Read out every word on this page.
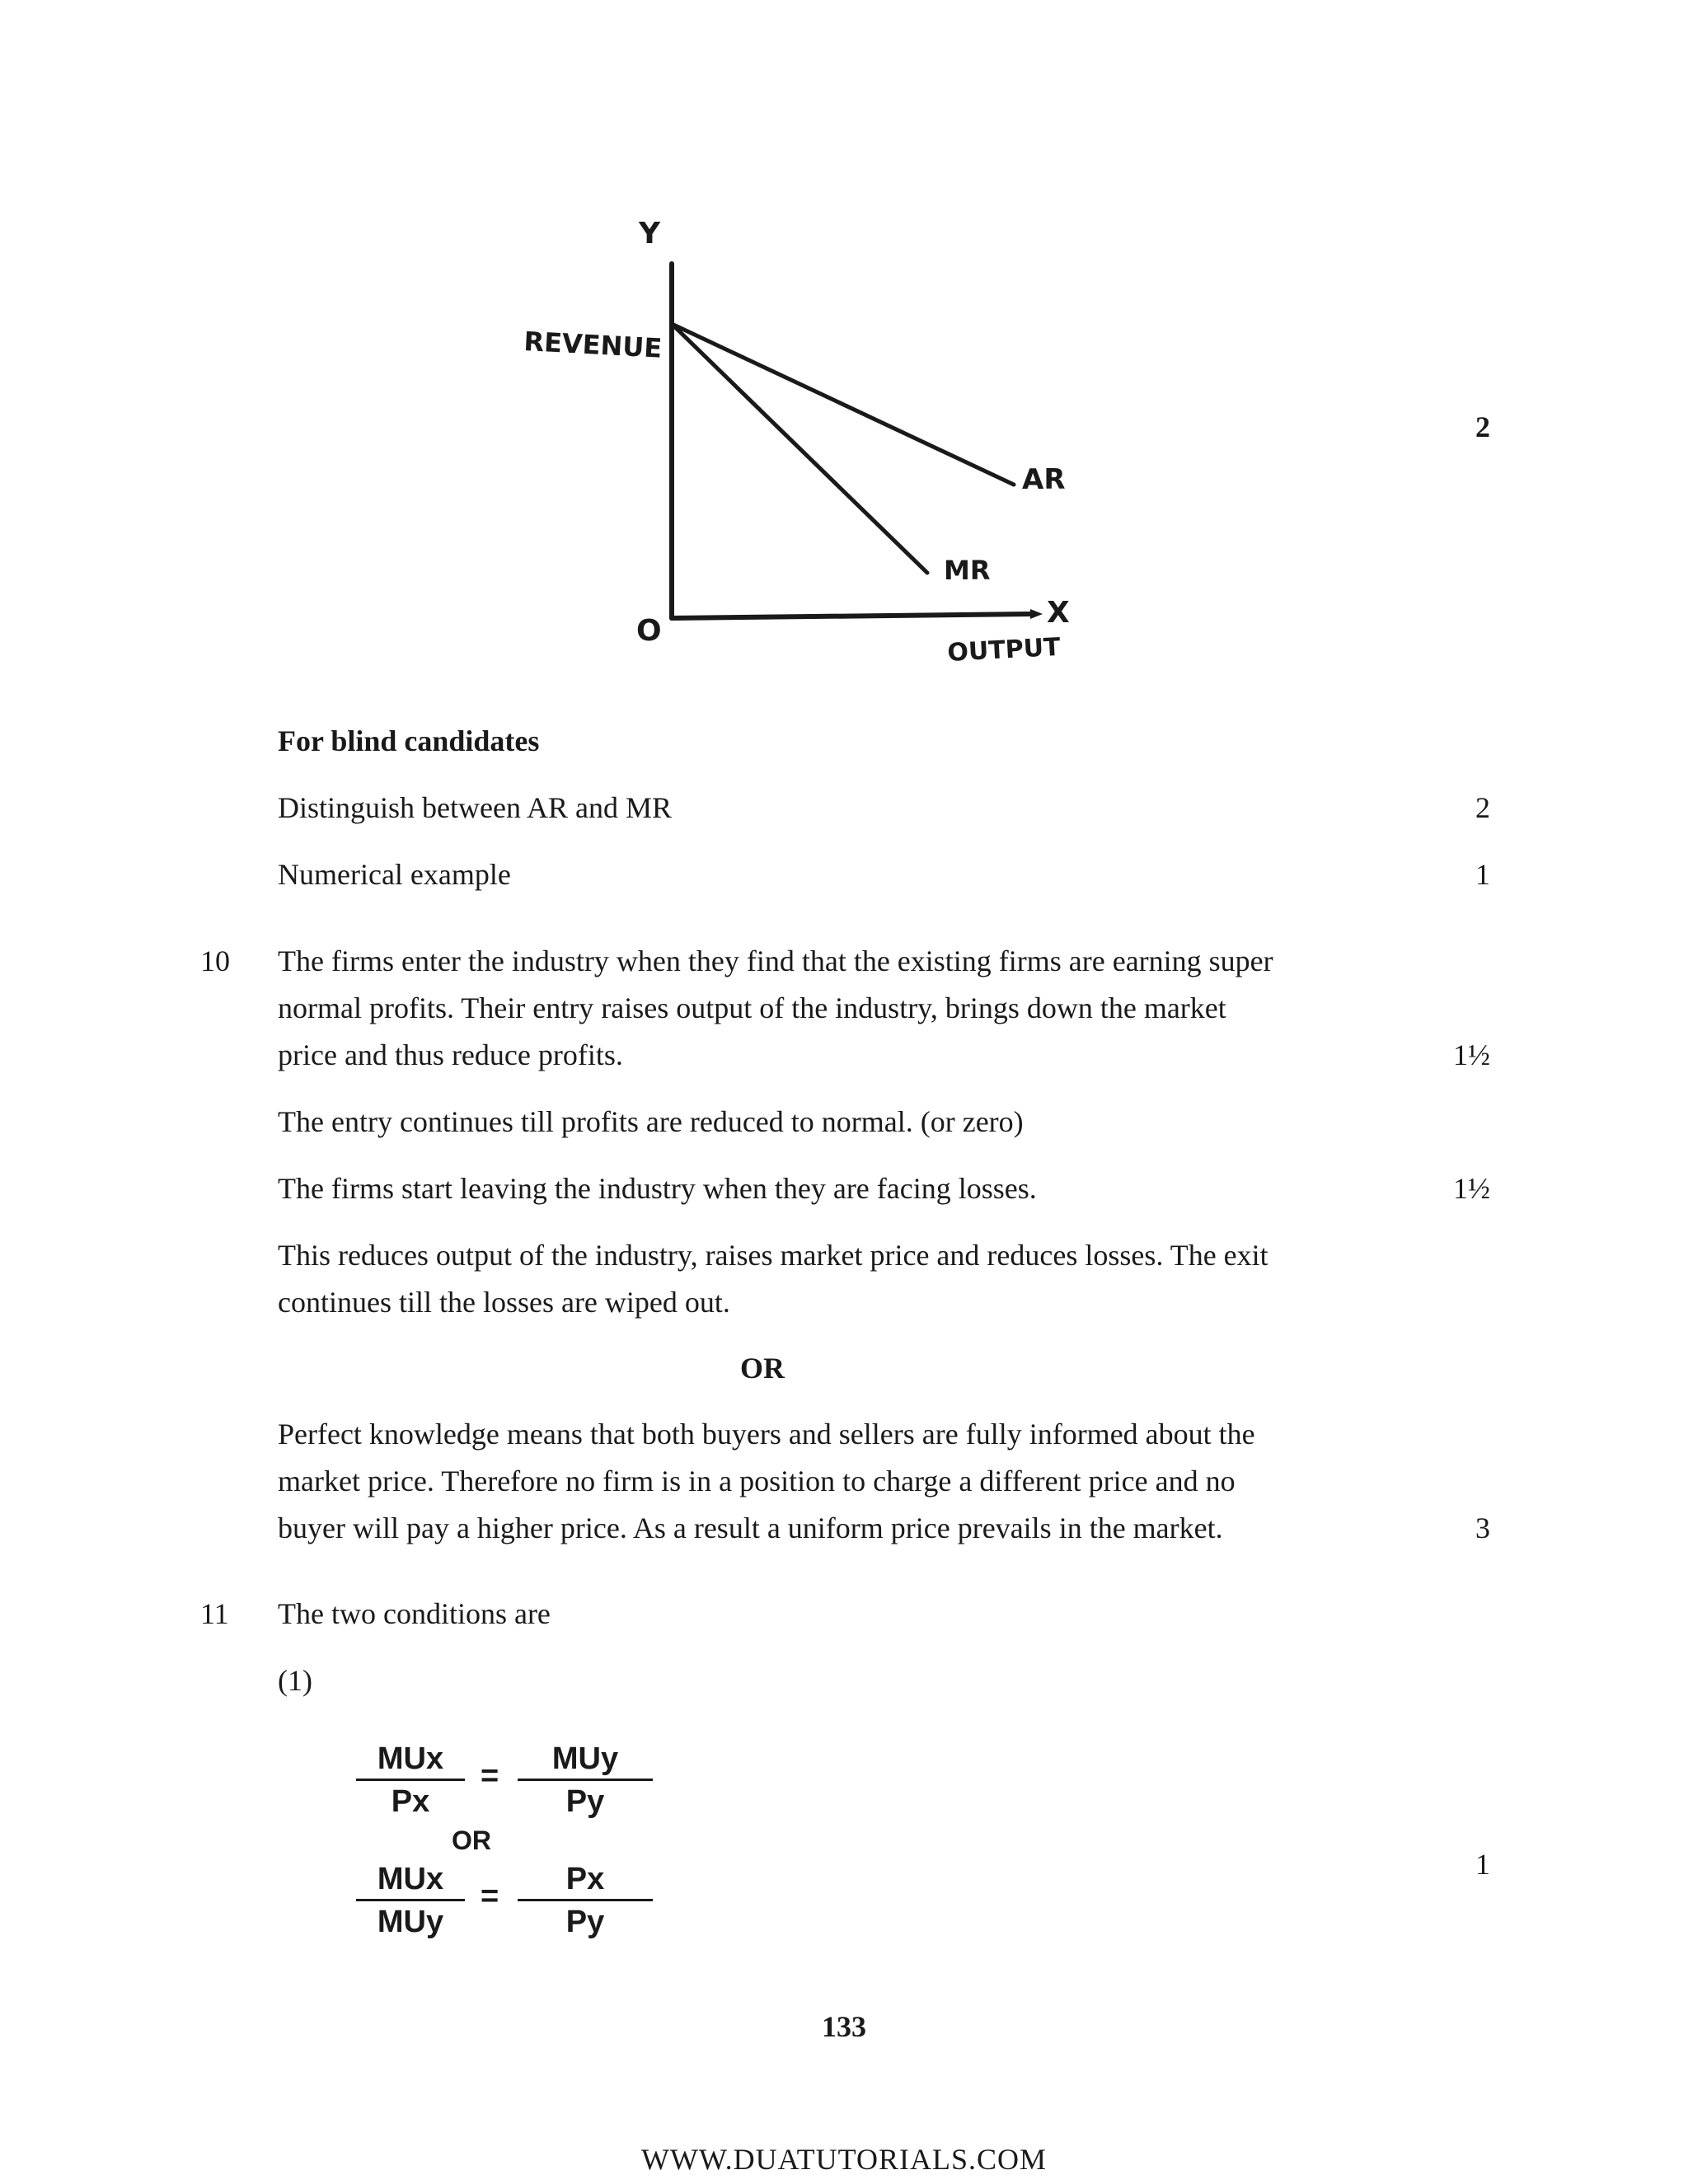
Y
REVENUE
AR
MR
X
O
OUTPUT
2
For blind candidates
Distinguish between AR and MR	2
Numerical example	1
10 The firms enter the industry when they find that the existing firms are earning super
normal profits. Their entry raises output of the industry, brings down the market
price and thus reduce profits.	1½
The entry continues till profits are reduced to normal. (or zero)
The firms start leaving the industry when they are facing losses.	1½
This reduces output of the industry, raises market price and reduces losses. The exit
continues till the losses are wiped out.
OR
Perfect knowledge means that both buyers and sellers are fully informed about the
market price. Therefore no firm is in a position to charge a different price and no
buyer will pay a higher price. As a result a uniform price prevails in the market.	3
11 The two conditions are
(1)
MUx
Px
=	MUy
Py
OR
MUx
MUy
= $\frac{Px}{Py}$	1
133
WWW.DUATUTORIALS.COM
